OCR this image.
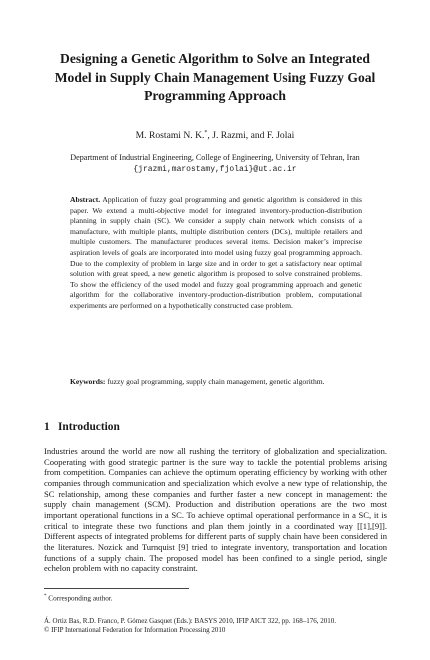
Designing a Genetic Algorithm to Solve an Integrated Model in Supply Chain Management Using Fuzzy Goal Programming Approach
M. Rostami N. K.*, J. Razmi, and F. Jolai
Department of Industrial Engineering, College of Engineering, University of Tehran, Iran
{jrazmi,marostamy,fjolai}@ut.ac.ir

Abstract. Application of fuzzy goal programming and genetic algorithm is considered in this paper. We extend a multi-objective model for integrated inventory-production-distribution planning in supply chain (SC). We consider a supply chain network which consists of a manufacture, with multiple plants, multiple distribution centers (DCs), multiple retailers and multiple customers. The manufacturer produces several items. Decision maker’s imprecise aspiration levels of goals are incorporated into model using fuzzy goal programming approach. Due to the complexity of problem in large size and in order to get a satisfactory near optimal solution with great speed, a new genetic algorithm is proposed to solve constrained problems. To show the efficiency of the used model and fuzzy goal programming approach and genetic algorithm for the collaborative inventory-production-distribution problem, computational experiments are performed on a hypothetically constructed case problem.

Keywords: fuzzy goal programming, supply chain management, genetic algorithm.

1 Introduction

Industries around the world are now all rushing the territory of globalization and specialization. Cooperating with good strategic partner is the sure way to tackle the potential problems arising from competition. Companies can achieve the optimum operating efficiency by working with other companies through communication and specialization which evolve a new type of relationship, the SC relationship, among these companies and further faster a new concept in management: the supply chain management (SCM). Production and distribution operations are the two most important operational functions in a SC. To achieve optimal operational performance in a SC, it is critical to integrate these two functions and plan them jointly in a coordinated way [[1],[9]]. Different aspects of integrated problems for different parts of supply chain have been considered in the literatures. Nozick and Turnquist [9] tried to integrate inventory, transportation and location functions of a supply chain. The proposed model has been confined to a single period, single echelon problem with no capacity constraint.

* Corresponding author.
Á. Ortiz Bas, R.D. Franco, P. Gómez Gasquet (Eds.): BASYS 2010, IFIP AICT 322, pp. 168–176, 2010.
© IFIP International Federation for Information Processing 2010
